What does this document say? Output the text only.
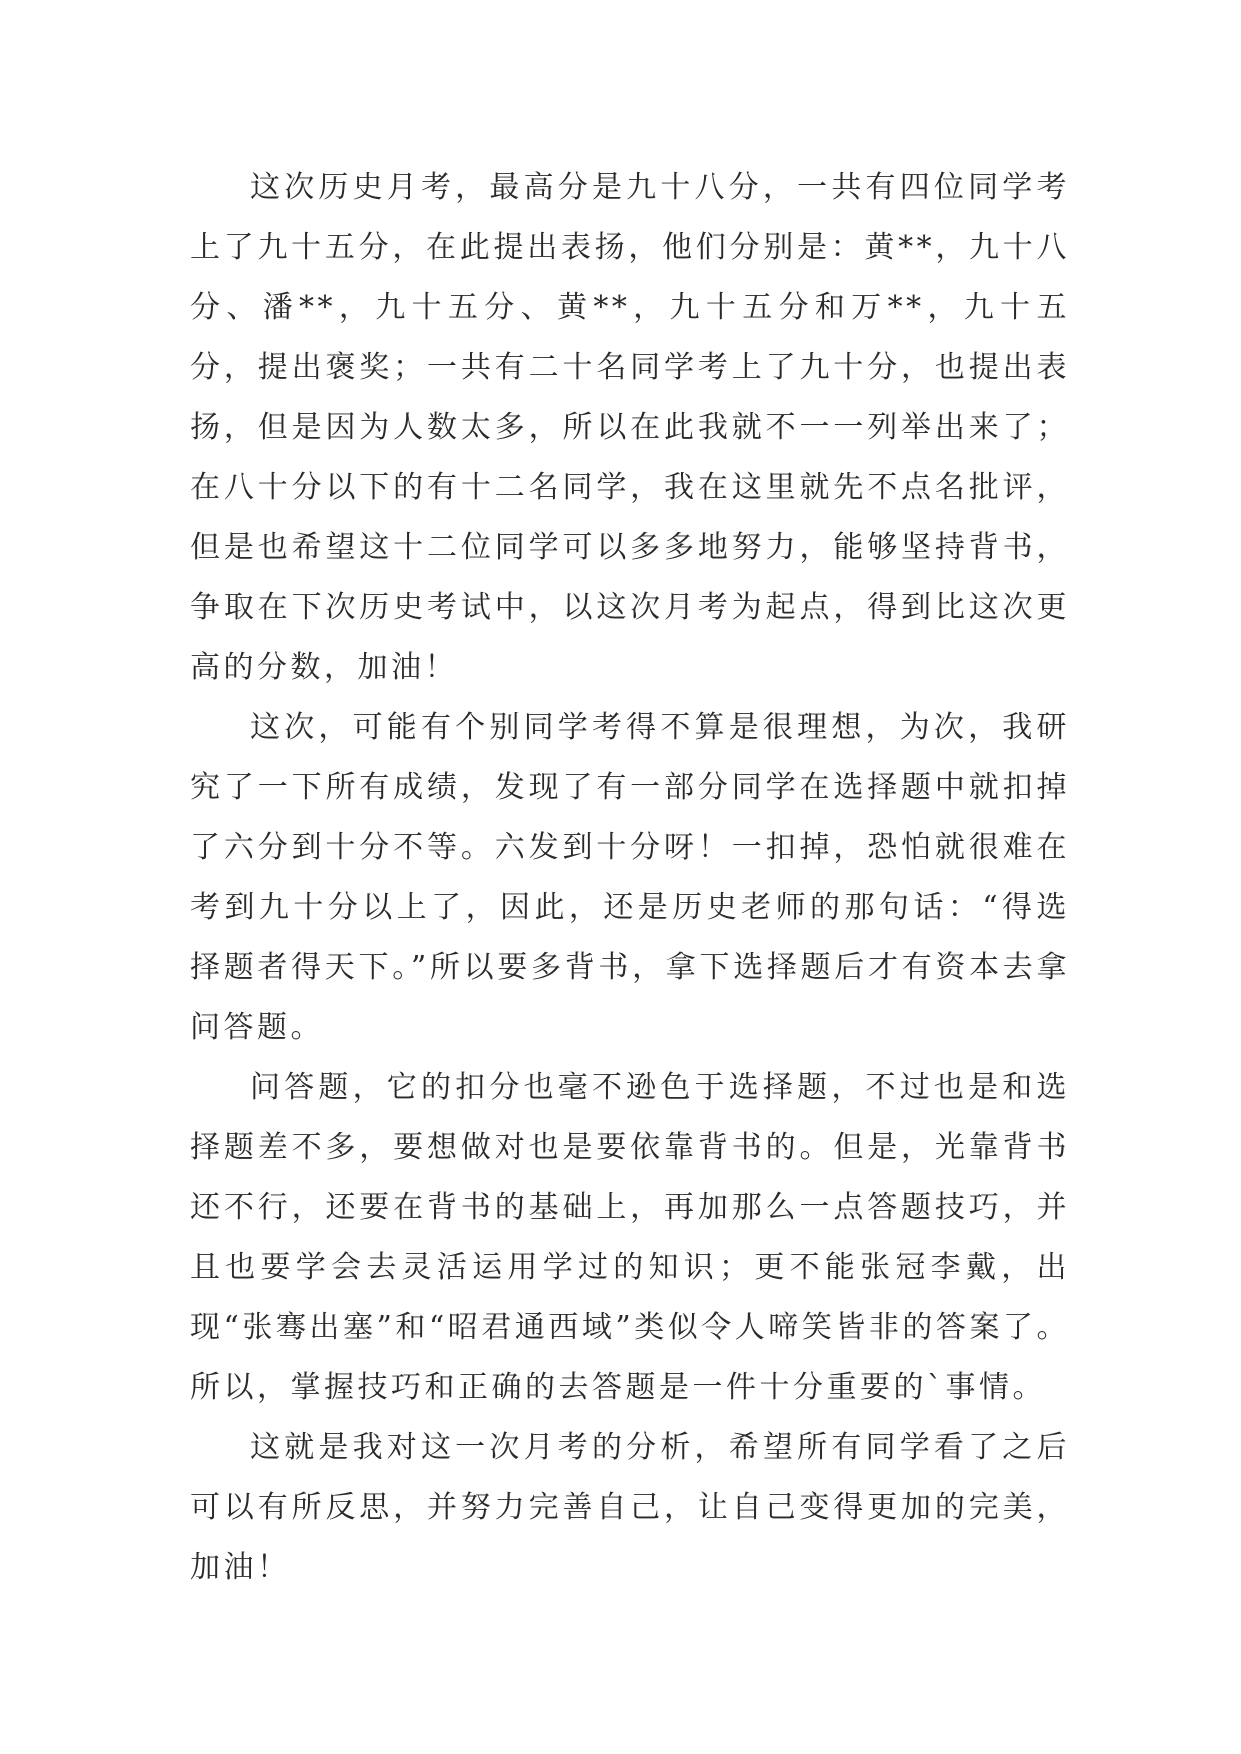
这次历史月考，最高分是九十八分，一共有四位同学考上了九十五分，在此提出表扬，他们分别是：黄**，九十八分、潘**，九十五分、黄**，九十五分和万**，九十五分，提出褒奖；一共有二十名同学考上了九十分，也提出表扬，但是因为人数太多，所以在此我就不一一列举出来了；在八十分以下的有十二名同学，我在这里就先不点名批评，但是也希望这十二位同学可以多多地努力，能够坚持背书，争取在下次历史考试中，以这次月考为起点，得到比这次更高的分数，加油！

这次，可能有个别同学考得不算是很理想，为次，我研究了一下所有成绩，发现了有一部分同学在选择题中就扣掉了六分到十分不等。六发到十分呀！一扣掉，恐怕就很难在考到九十分以上了，因此，还是历史老师的那句话：“得选择题者得天下。”所以要多背书，拿下选择题后才有资本去拿问答题。

问答题，它的扣分也毫不逊色于选择题，不过也是和选择题差不多，要想做对也是要依靠背书的。但是，光靠背书还不行，还要在背书的基础上，再加那么一点答题技巧，并且也要学会去灵活运用学过的知识；更不能张冠李戴，出现“张骞出塞”和“昭君通西域”类似令人啼笑皆非的答案了。所以，掌握技巧和正确的去答题是一件十分重要的`事情。

这就是我对这一次月考的分析，希望所有同学看了之后可以有所反思，并努力完善自己，让自己变得更加的完美，加油！
